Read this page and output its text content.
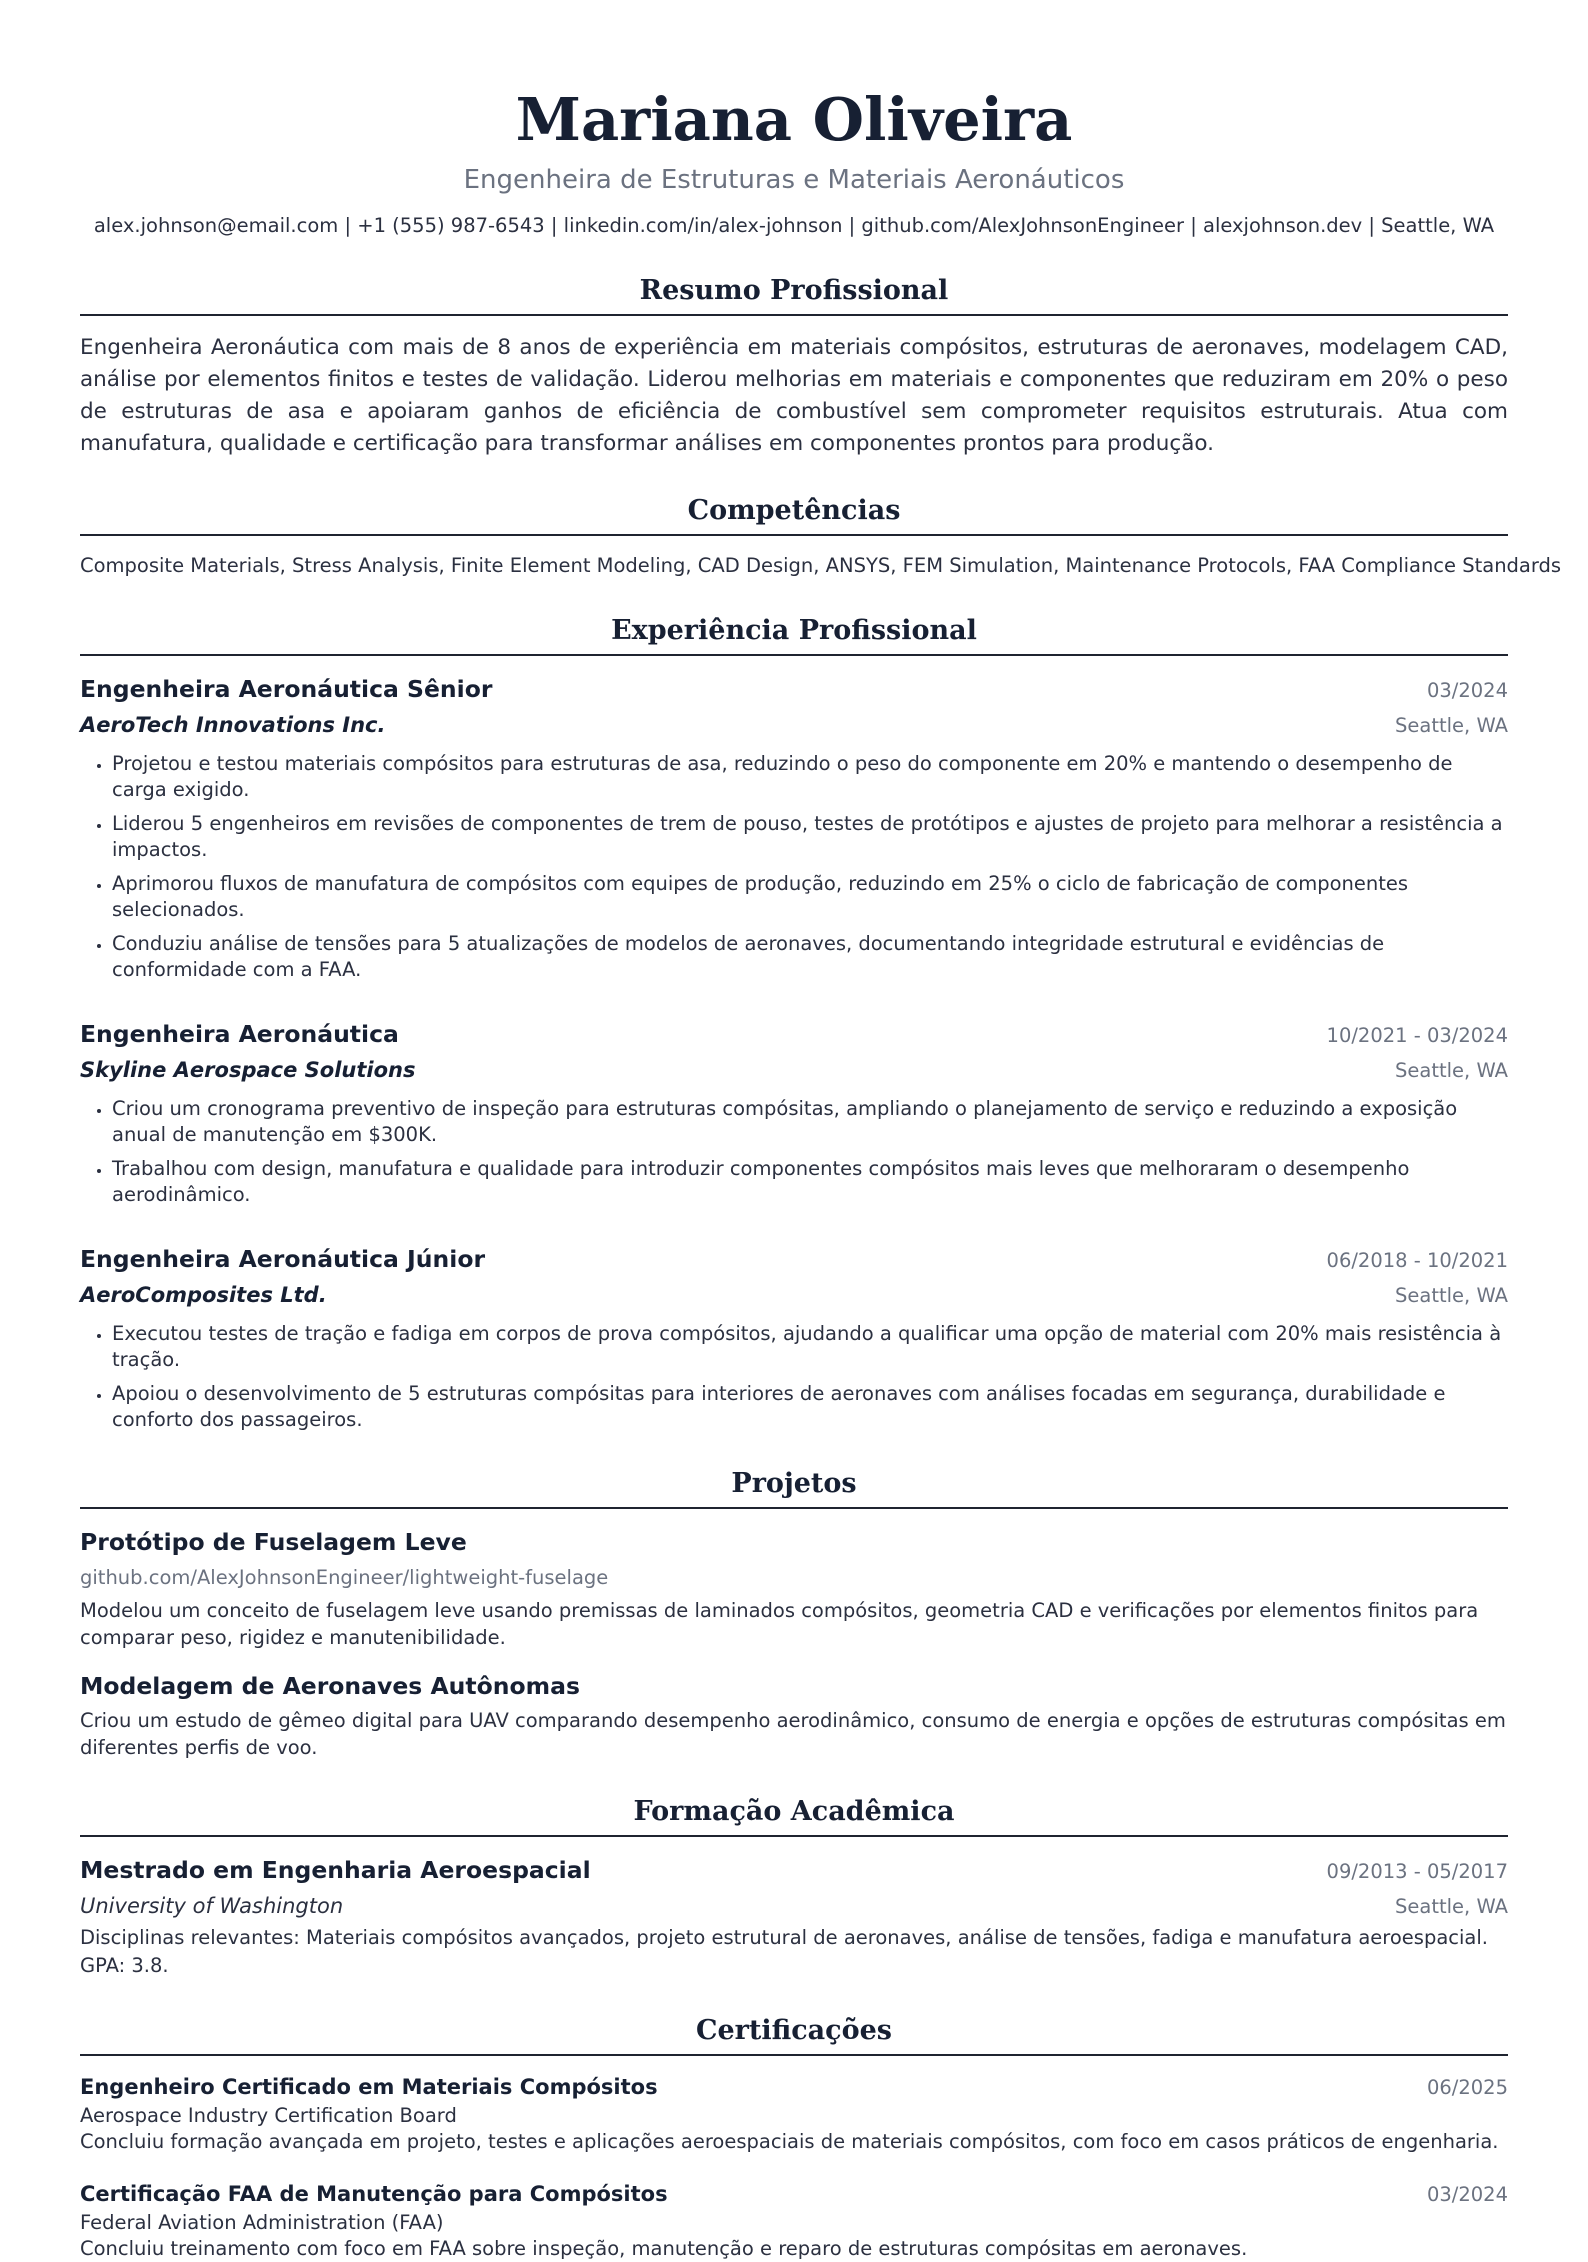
Mariana Oliveira
Engenheira de Estruturas e Materiais Aeronáuticos
alex.johnson@email.com | +1 (555) 987-6543 | linkedin.com/in/alex-johnson | github.com/AlexJohnsonEngineer | alexjohnson.dev | Seattle, WA
Resumo Profissional

Engenheira Aeronáutica com mais de 8 anos de experiência em materiais compósitos, estruturas de aeronaves, modelagem CAD, análise por elementos finitos e testes de validação. Liderou melhorias em materiais e componentes que reduziram em 20% o peso de estruturas de asa e apoiaram ganhos de eficiência de combustível sem comprometer requisitos estruturais. Atua com manufatura, qualidade e certificação para transformar análises em componentes prontos para produção.

Competências

Composite Materials, Stress Analysis, Finite Element Modeling, CAD Design, ANSYS, FEM Simulation, Maintenance Protocols, FAA Compliance Standards

Experiência Profissional
Engenheira Aeronáutica Sênior	03/2024
AeroTech Innovations Inc.	Seattle, WA
• Projetou e testou materiais compósitos para estruturas de asa, reduzindo o peso do componente em 20% e mantendo o desempenho de carga exigido.
• Liderou 5 engenheiros em revisões de componentes de trem de pouso, testes de protótipos e ajustes de projeto para melhorar a resistência a impactos.
• Aprimorou fluxos de manufatura de compósitos com equipes de produção, reduzindo em 25% o ciclo de fabricação de componentes selecionados.
• Conduziu análise de tensões para 5 atualizações de modelos de aeronaves, documentando integridade estrutural e evidências de conformidade com a FAA.
Engenheira Aeronáutica	10/2021 - 03/2024
Skyline Aerospace Solutions	Seattle, WA
• Criou um cronograma preventivo de inspeção para estruturas compósitas, ampliando o planejamento de serviço e reduzindo a exposição anual de manutenção em $300K.
• Trabalhou com design, manufatura e qualidade para introduzir componentes compósitos mais leves que melhoraram o desempenho aerodinâmico.
Engenheira Aeronáutica Júnior	06/2018 - 10/2021
AeroComposites Ltd.	Seattle, WA
• Executou testes de tração e fadiga em corpos de prova compósitos, ajudando a qualificar uma opção de material com 20% mais resistência à tração.
• Apoiou o desenvolvimento de 5 estruturas compósitas para interiores de aeronaves com análises focadas em segurança, durabilidade e conforto dos passageiros.
Projetos
Protótipo de Fuselagem Leve
github.com/AlexJohnsonEngineer/lightweight-fuselage
Modelou um conceito de fuselagem leve usando premissas de laminados compósitos, geometria CAD e verificações por elementos finitos para comparar peso, rigidez e manutenibilidade.
Modelagem de Aeronaves Autônomas
Criou um estudo de gêmeo digital para UAV comparando desempenho aerodinâmico, consumo de energia e opções de estruturas compósitas em diferentes perfis de voo.
Formação Acadêmica
Mestrado em Engenharia Aeroespacial	09/2013 - 05/2017
University of Washington	Seattle, WA
Disciplinas relevantes: Materiais compósitos avançados, projeto estrutural de aeronaves, análise de tensões, fadiga e manufatura aeroespacial. GPA: 3.8.
Certificações
Engenheiro Certificado em Materiais Compósitos	06/2025
Aerospace Industry Certification Board
Concluiu formação avançada em projeto, testes e aplicações aeroespaciais de materiais compósitos, com foco em casos práticos de engenharia.
Certificação FAA de Manutenção para Compósitos	03/2024
Federal Aviation Administration (FAA)
Concluiu treinamento com foco em FAA sobre inspeção, manutenção e reparo de estruturas compósitas em aeronaves.
